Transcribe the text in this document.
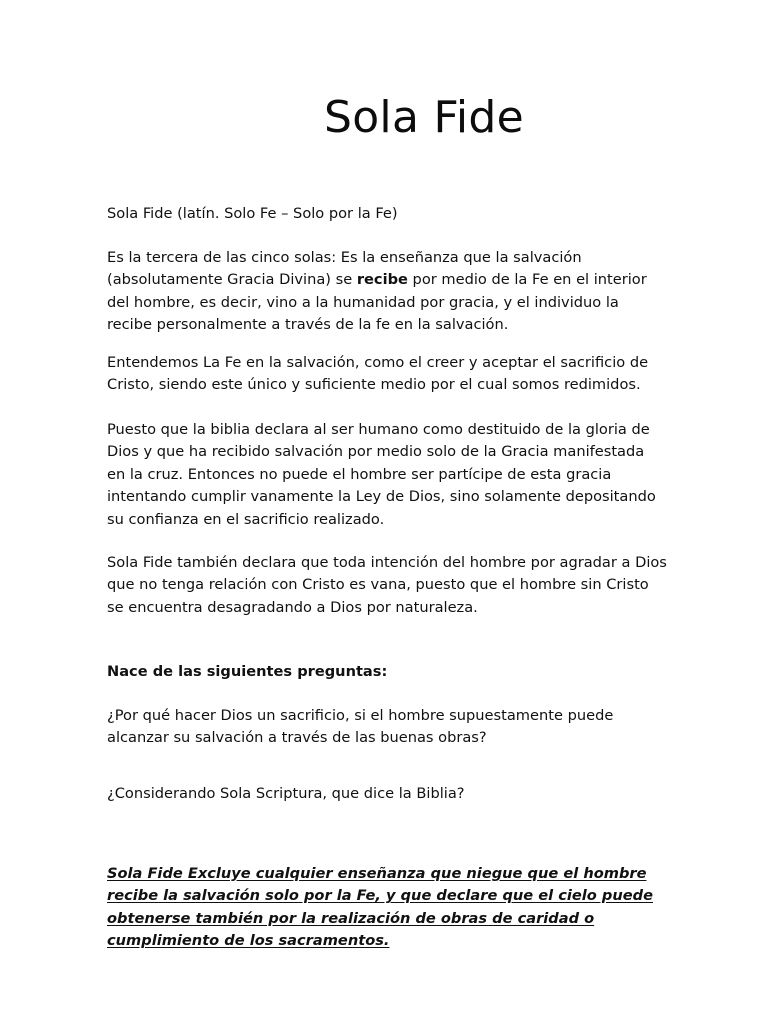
Sola Fide

Sola Fide (latín. Solo Fe – Solo por la Fe)

Es la tercera de las cinco solas: Es la enseñanza que la salvación (absolutamente Gracia Divina) se recibe por medio de la Fe en el interior del hombre, es decir, vino a la humanidad por gracia, y el individuo la recibe personalmente a través de la fe en la salvación.

Entendemos La Fe en la salvación, como el creer y aceptar el sacrificio de Cristo, siendo este único y suficiente medio por el cual somos redimidos.

Puesto que la biblia declara al ser humano como destituido de la gloria de Dios y que ha recibido salvación por medio solo de la Gracia manifestada en la cruz. Entonces no puede el hombre ser partícipe de esta gracia intentando cumplir vanamente la Ley de Dios, sino solamente depositando su confianza en el sacrificio realizado.

Sola Fide también declara que toda intención del hombre por agradar a Dios que no tenga relación con Cristo es vana, puesto que el hombre sin Cristo se encuentra desagradando a Dios por naturaleza.

Nace de las siguientes preguntas:

¿Por qué hacer Dios un sacrificio, si el hombre supuestamente puede alcanzar su salvación a través de las buenas obras?

¿Considerando Sola Scriptura, que dice la Biblia?

Sola Fide Excluye cualquier enseñanza que niegue que el hombre recibe la salvación solo por la Fe, y que declare que el cielo puede obtenerse también por la realización de obras de caridad o cumplimiento de los sacramentos.
